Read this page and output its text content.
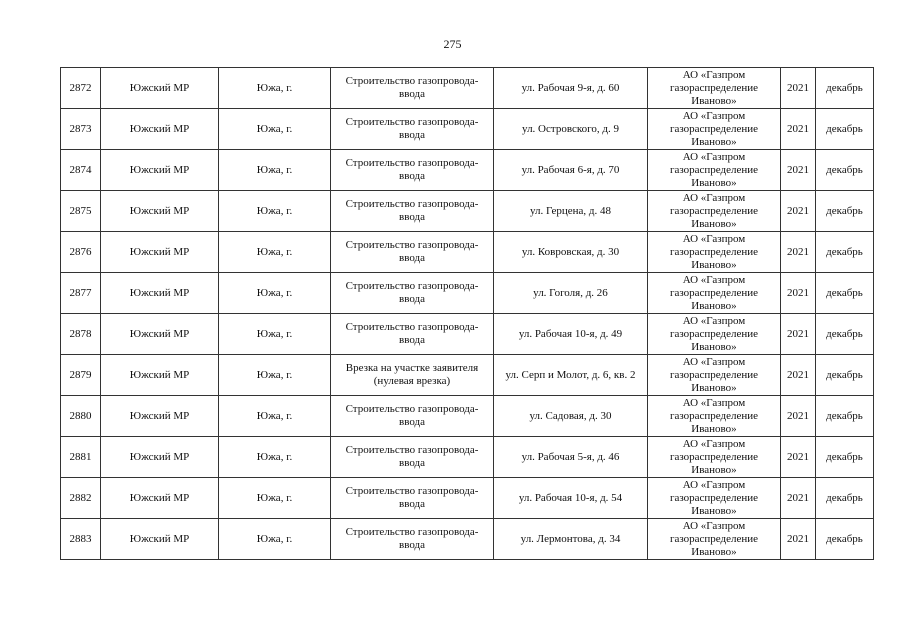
275
2872	Южский МР	Южа, г.	Строительство газопровода-ввода	ул. Рабочая 9-я, д. 60	АО «Газпром газораспределение Иваново»	2021	декабрь
2873	Южский МР	Южа, г.	Строительство газопровода-ввода	ул. Островского, д. 9	АО «Газпром газораспределение Иваново»	2021	декабрь
2874	Южский МР	Южа, г.	Строительство газопровода-ввода	ул. Рабочая 6-я, д. 70	АО «Газпром газораспределение Иваново»	2021	декабрь
2875	Южский МР	Южа, г.	Строительство газопровода-ввода	ул. Герцена, д. 48	АО «Газпром газораспределение Иваново»	2021	декабрь
2876	Южский МР	Южа, г.	Строительство газопровода-ввода	ул. Ковровская, д. 30	АО «Газпром газораспределение Иваново»	2021	декабрь
2877	Южский МР	Южа, г.	Строительство газопровода-ввода	ул. Гоголя, д. 26	АО «Газпром газораспределение Иваново»	2021	декабрь
2878	Южский МР	Южа, г.	Строительство газопровода-ввода	ул. Рабочая 10-я, д. 49	АО «Газпром газораспределение Иваново»	2021	декабрь
2879	Южский МР	Южа, г.	Врезка на участке заявителя (нулевая врезка)	ул. Серп и Молот, д. 6, кв. 2	АО «Газпром газораспределение Иваново»	2021	декабрь
2880	Южский МР	Южа, г.	Строительство газопровода-ввода	ул. Садовая, д. 30	АО «Газпром газораспределение Иваново»	2021	декабрь
2881	Южский МР	Южа, г.	Строительство газопровода-ввода	ул. Рабочая 5-я, д. 46	АО «Газпром газораспределение Иваново»	2021	декабрь
2882	Южский МР	Южа, г.	Строительство газопровода-ввода	ул. Рабочая 10-я, д. 54	АО «Газпром газораспределение Иваново»	2021	декабрь
2883	Южский МР	Южа, г.	Строительство газопровода-ввода	ул. Лермонтова, д. 34	АО «Газпром газораспределение Иваново»	2021	декабрь
